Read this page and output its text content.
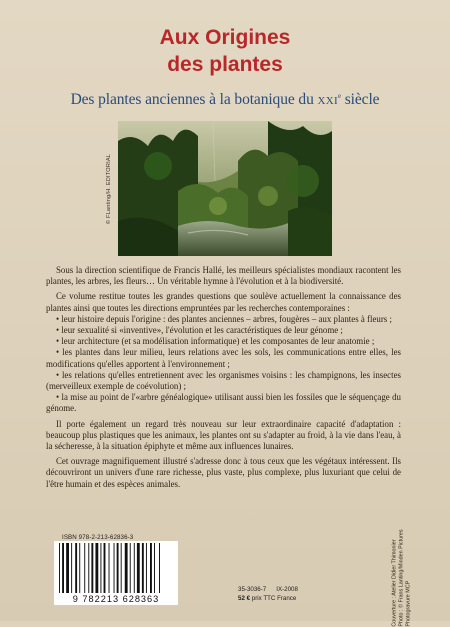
Aux Origines
des plantes
Des plantes anciennes à la botanique du XXIe siècle
© FLanting/H. EDITORIAL

Sous la direction scientifique de Francis Hallé, les meilleurs spécialistes mondiaux racontent les plantes, les arbres, les fleurs… Un véritable hymne à l'évolution et à la biodiversité.

Ce volume restitue toutes les grandes questions que soulève actuellement la connaissance des plantes ainsi que toutes les directions empruntées par les recherches contemporaines :

• leur histoire depuis l'origine : des plantes anciennes – arbres, fougères – aux plantes à fleurs ;

• leur sexualité si «inventive», l'évolution et les caractéristiques de leur génome ;

• leur architecture (et sa modélisation informatique) et les composantes de leur anatomie ;

• les plantes dans leur milieu, leurs relations avec les sols, les communications entre elles, les modifications qu'elles apportent à l'environnement ;

• les relations qu'elles entretiennent avec les organismes voisins : les champignons, les insectes (merveilleux exemple de coévolution) ;

• la mise au point de l'«arbre généalogique» utilisant aussi bien les fossiles que le séquençage du génome.

Il porte également un regard très nouveau sur leur extraordinaire capacité d'adaptation : beaucoup plus plastiques que les animaux, les plantes ont su s'adapter au froid, à la vie dans l'eau, à la sécheresse, à la situation épiphyte et même aux influences lunaires.

Cet ouvrage magnifiquement illustré s'adresse donc à tous ceux que les végétaux intéressent. Ils découvriront un univers d'une rare richesse, plus vaste, plus complexe, plus luxuriant que celui de l'être humain et des espèces animales.

ISBN 978-2-213-62836-3
9 782213 628363
35-3036-7 IX-2008
52 € prix TTC France	Couverture : Atelier Didier Thimonier Photo : © Frans Lanting/Minden Pictures Photogravure MCP
